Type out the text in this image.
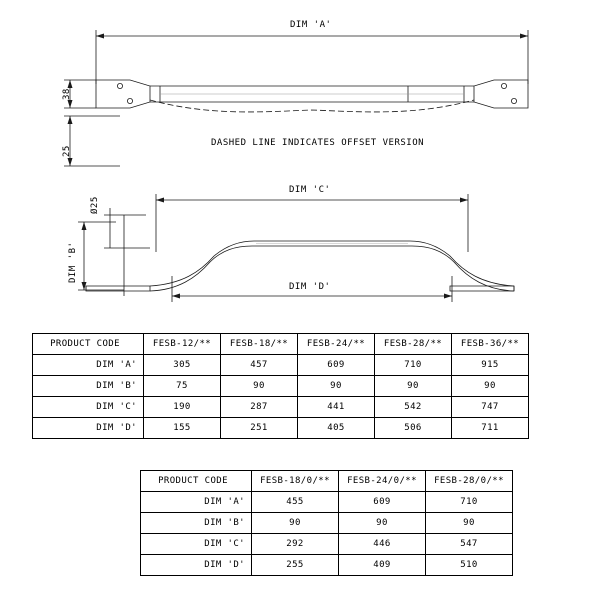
DIM 'A'
38
25
DASHED LINE INDICATES OFFSET VERSION
Ø25
DIM 'B'
DIM 'C'
DIM 'D'
PRODUCT CODE	FESB-12/**	FESB-18/**	FESB-24/**	FESB-28/**	FESB-36/**
DIM 'A'	305	457	609	710	915
DIM 'B'	75	90	90	90	90
DIM 'C'	190	287	441	542	747
DIM 'D'	155	251	405	506	711
PRODUCT CODE	FESB-18/0/**	FESB-24/0/**	FESB-28/0/**
DIM 'A'	455	609	710
DIM 'B'	90	90	90
DIM 'C'	292	446	547
DIM 'D'	255	409	510
